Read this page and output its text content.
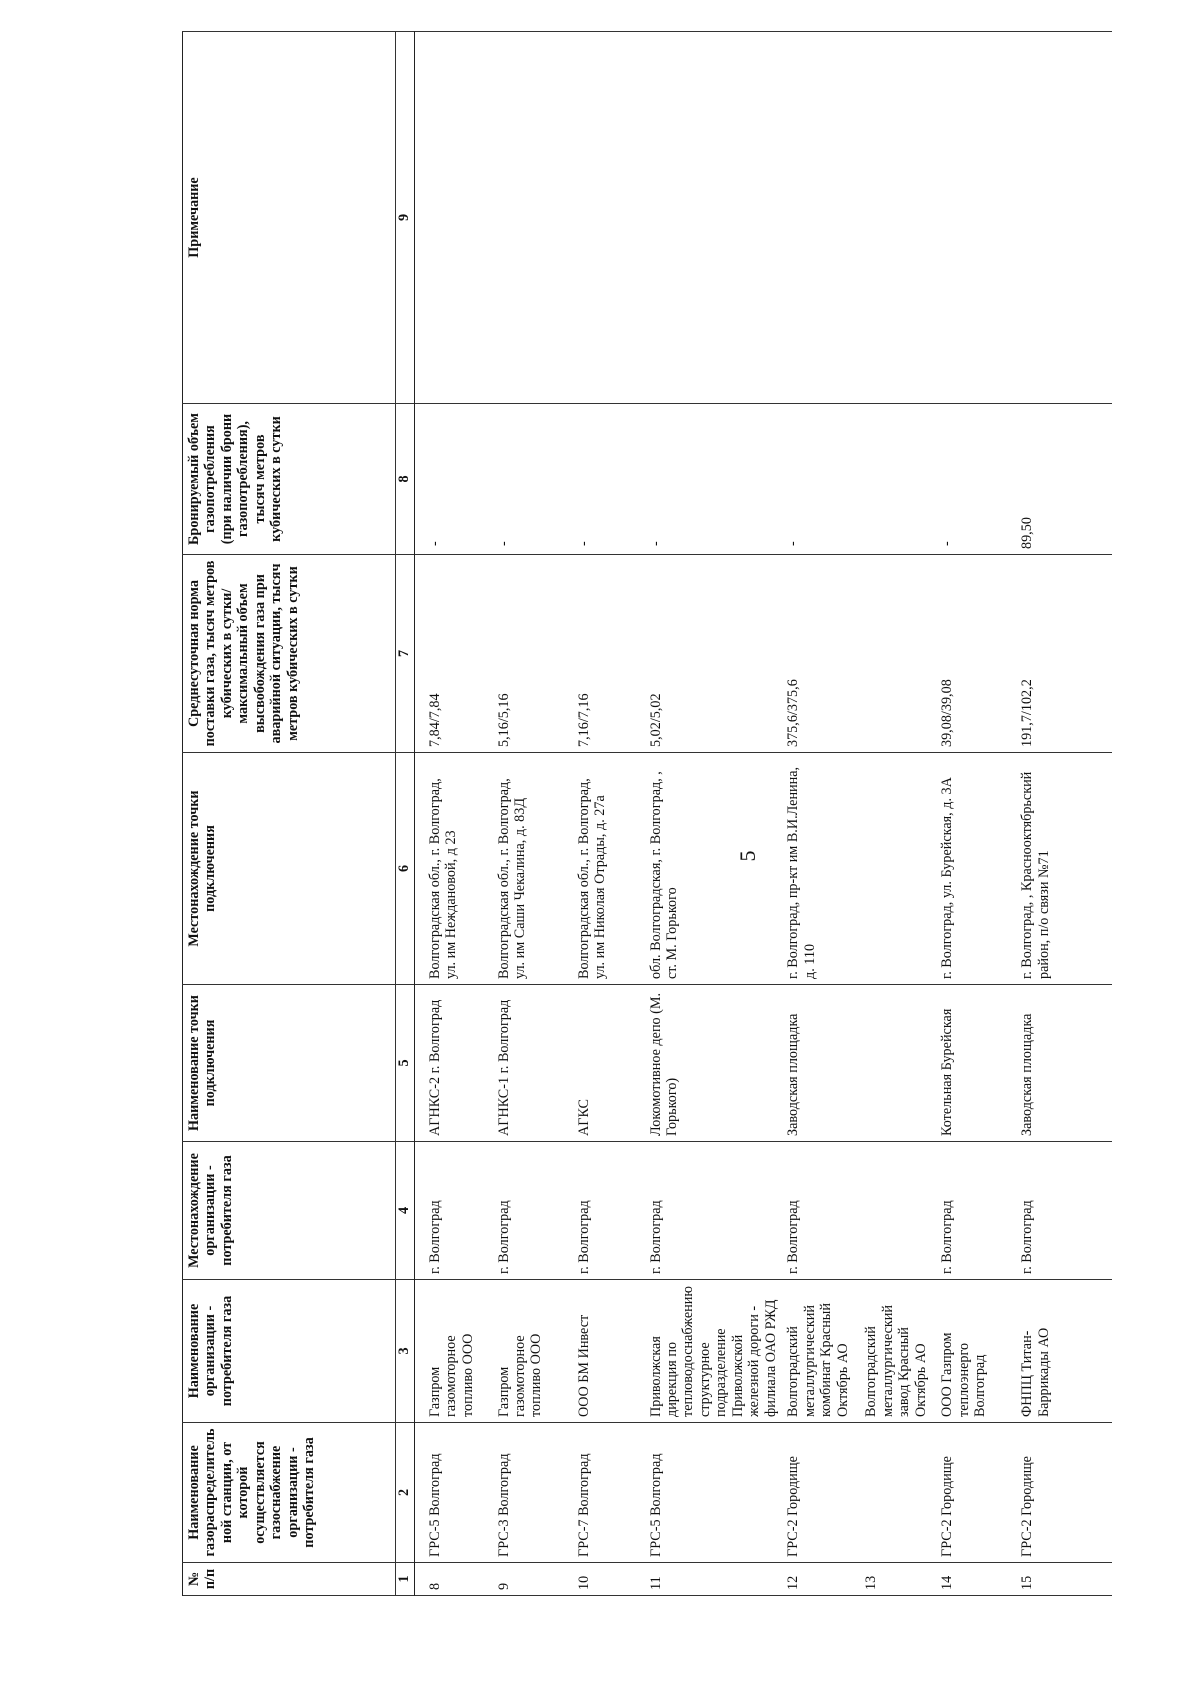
5
№ п/п	Наименование газораспределительной станции, от которой осуществляется газоснабжение организации - потребителя газа	Наименование организации - потребителя газа	Местонахождение организации - потребителя газа	Наименование точки подключения	Местонахождение точки подключения	Среднесуточная норма поставки газа, тысяч метров кубических в сутки/максимальный объем высвобождения газа при аварийной ситуации, тысяч метров кубических в сутки	Бронируемый объем газопотребления (при наличии брони газопотребления), тысяч метров кубических в сутки	Примечание
1	2	3	4	5	6	7	8	9
8	ГРС-5 Волгоград	Газпром газомоторное топливо ООО	г. Волгоград	АГНКС-2 г. Волгоград	Волгоградская обл., г. Волгоград, ул. им Неждановой, д 23	7,84/7,84	-	
9	ГРС-3 Волгоград	Газпром газомоторное топливо ООО	г. Волгоград	АГНКС-1 г. Волгоград	Волгоградская обл., г. Волгоград, ул. им Саши Чекалина, д. 83Д	5,16/5,16	-	
10	ГРС-7 Волгоград	ООО БМ Инвест	г. Волгоград	АГКС	Волгоградская обл., г. Волгоград, ул. им Николая Отрады, д. 27а	7,16/7,16	-	
11	ГРС-5 Волгоград	Приволжская дирекция по тепловодоснабжению структурное подразделение Приволжской железной дороги - филиала ОАО РЖД	г. Волгоград	Локомотивное депо (М. Горького)	обл. Волгоградская, г. Волгоград, , ст. М. Горького	5,02/5,02	-	
12	ГРС-2 Городище	Волгоградский металлургический комбинат Красный Октябрь АО	г. Волгоград	Заводская площадка	г. Волгоград, пр-кт им В.И.Ленина, д. 110	375,6/375,6	-	
13		Волгоградский металлургический завод Красный Октябрь АО						
14	ГРС-2 Городище	ООО Газпром теплоэнерго Волгоград	г. Волгоград	Котельная Бурейская	г. Волгоград, ул. Бурейская, д. 3А	39,08/39,08	-	
15	ГРС-2 Городище	ФНПЦ Титан-Баррикады АО	г. Волгоград	Заводская площадка	г. Волгоград, , Краснооктябрьский район, п/о связи №71	191,7/102,2	89,50	
